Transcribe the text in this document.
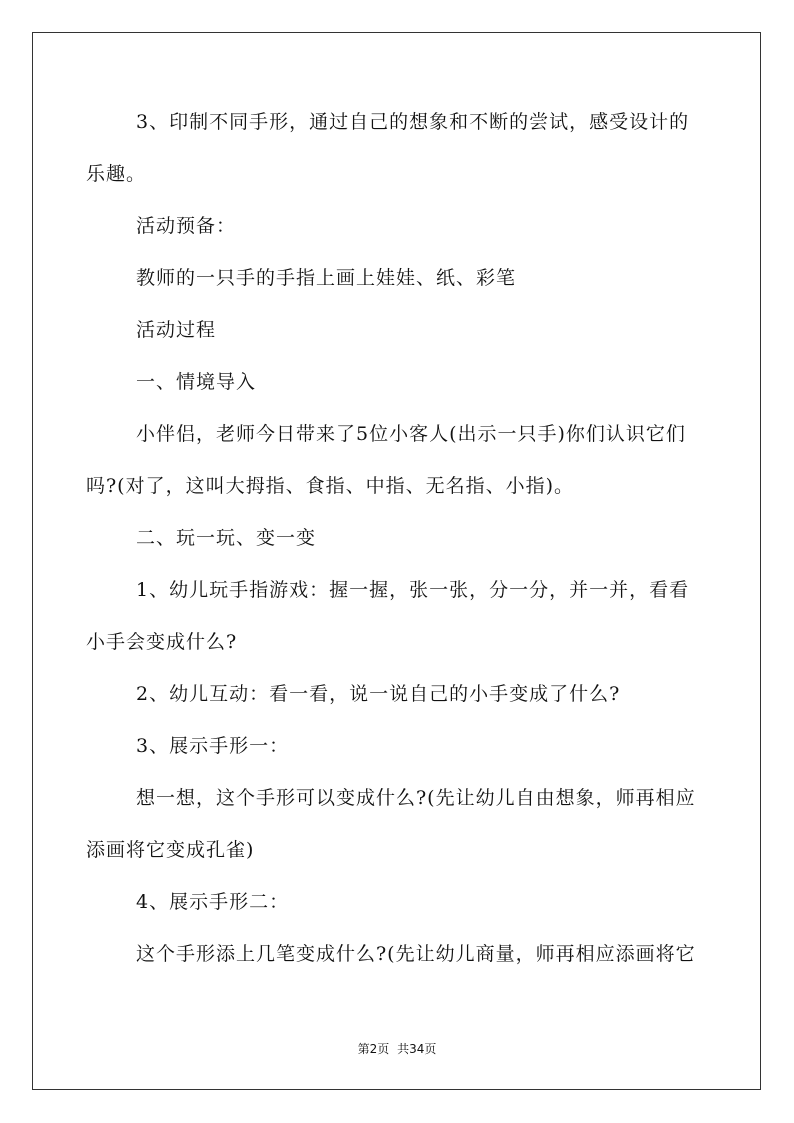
3、印制不同手形，通过自己的想象和不断的尝试，感受设计的乐趣。

活动预备：

教师的一只手的手指上画上娃娃、纸、彩笔

活动过程

一、情境导入

小伴侣，老师今日带来了5位小客人(出示一只手)你们认识它们吗?(对了，这叫大拇指、食指、中指、无名指、小指)。

二、玩一玩、变一变

1、幼儿玩手指游戏：握一握，张一张，分一分，并一并，看看小手会变成什么?

2、幼儿互动：看一看，说一说自己的小手变成了什么?

3、展示手形一：

想一想，这个手形可以变成什么?(先让幼儿自由想象，师再相应添画将它变成孔雀)

4、展示手形二：

这个手形添上几笔变成什么?(先让幼儿商量，师再相应添画将它

第2页 共34页
